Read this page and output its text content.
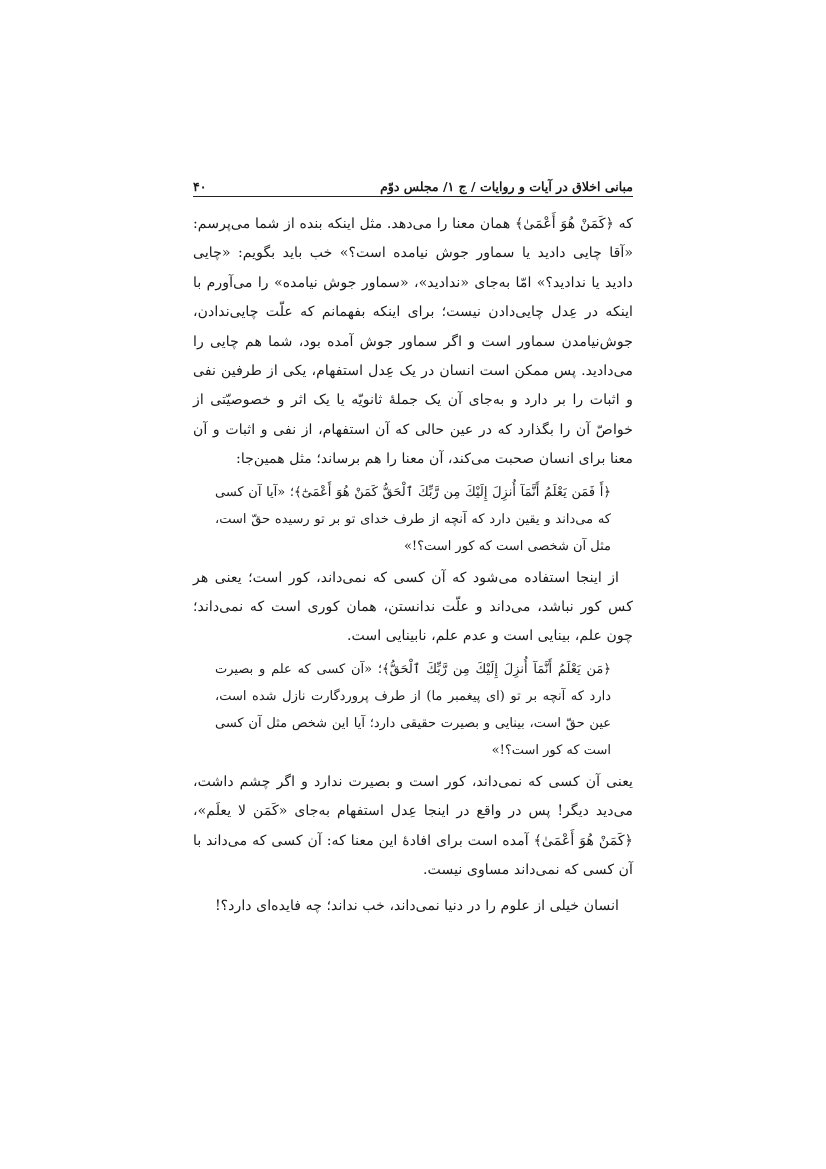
مبانی اخلاق در آیات و روایات / ج ۱/ مجلس دوّم
۴۰

که ﴿کَمَنْ هُوَ أَعْمَیٰ﴾ همان معنا را می‌دهد. مثل اینکه بنده از شما می‌پرسم: «آقا چایی دادید یا سماور جوش نیامده است؟» خب باید بگویم: «چایی دادید یا ندادید؟» امّا به‌جای «ندادید»، «سماور جوش نیامده» را می‌آورم با اینکه در عِدل چایی‌دادن نیست؛ برای اینکه بفهمانم که علّت چایی‌ندادن، جوش‌نیامدن سماور است و اگر سماور جوش آمده بود، شما هم چایی را می‌دادید. پس ممکن است انسان در یک عِدل استفهام، یکی از طرفین نفی و اثبات را بر دارد و به‌جای آن یک جملهٔ ثانویّه یا یک اثر و خصوصیّتی از خواصّ آن را بگذارد که در عین حالی که آن استفهام، از نفی و اثبات و آن معنا برای انسان صحبت می‌کند، آن معنا را هم برساند؛ مثل همین‌جا:

﴿أَ فَمَن یَعْلَمُ أَنَّمَآ أُنزِلَ إِلَیْكَ مِن رَّبِّكَ ٱلْحَقُّ كَمَنْ هُوَ أَعْمَیٰٓ﴾؛ «آیا آن کسی که می‌داند و یقین دارد که آنچه از طرف خدای تو بر تو رسیده حقّ است، مثل آن شخصی است که کور است؟!»

از اینجا استفاده می‌شود که آن کسی که نمی‌داند، کور است؛ یعنی هر کس کور نباشد، می‌داند و علّت ندانستن، همان کوری است که نمی‌داند؛ چون علم، بینایی است و عدم علم، نابینایی است.

﴿مَن یَعْلَمُ أَنَّمَآ أُنزِلَ إِلَیْكَ مِن رَّبِّكَ ٱلْحَقُّ﴾؛ «آن کسی که علم و بصیرت دارد که آنچه بر تو (ای پیغمبر ما) از طرف پروردگارت نازل شده است، عین حقّ است، بینایی و بصیرت حقیقی دارد؛ آیا این شخص مثل آن کسی است که کور است؟!»

یعنی آن کسی که نمی‌داند، کور است و بصیرت ندارد و اگر چشم داشت، می‌دید دیگر! پس در واقع در اینجا عِدل استفهام به‌جای «کَمَن لا یعلَم»، ﴿کَمَنْ هُوَ أَعْمَیٰ﴾ آمده است برای افادهٔ این معنا که: آن کسی که می‌داند با آن کسی که نمی‌داند مساوی نیست.

انسان خیلی از علوم را در دنیا نمی‌داند، خب نداند؛ چه فایده‌ای دارد؟!
